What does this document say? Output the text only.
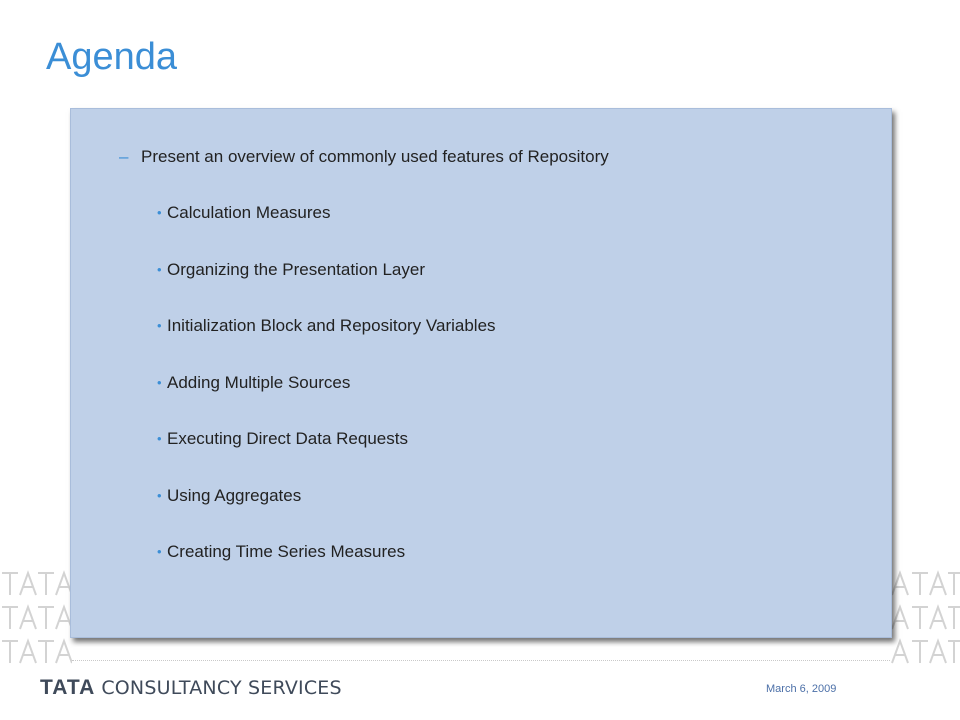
Agenda
– Present an overview of commonly used features of Repository
• Calculation Measures
• Organizing the Presentation Layer
• Initialization Block and Repository Variables
• Adding Multiple Sources
• Executing Direct Data Requests
• Using Aggregates
• Creating Time Series Measures
TATA CONSULTANCY SERVICES	March 6, 2009
